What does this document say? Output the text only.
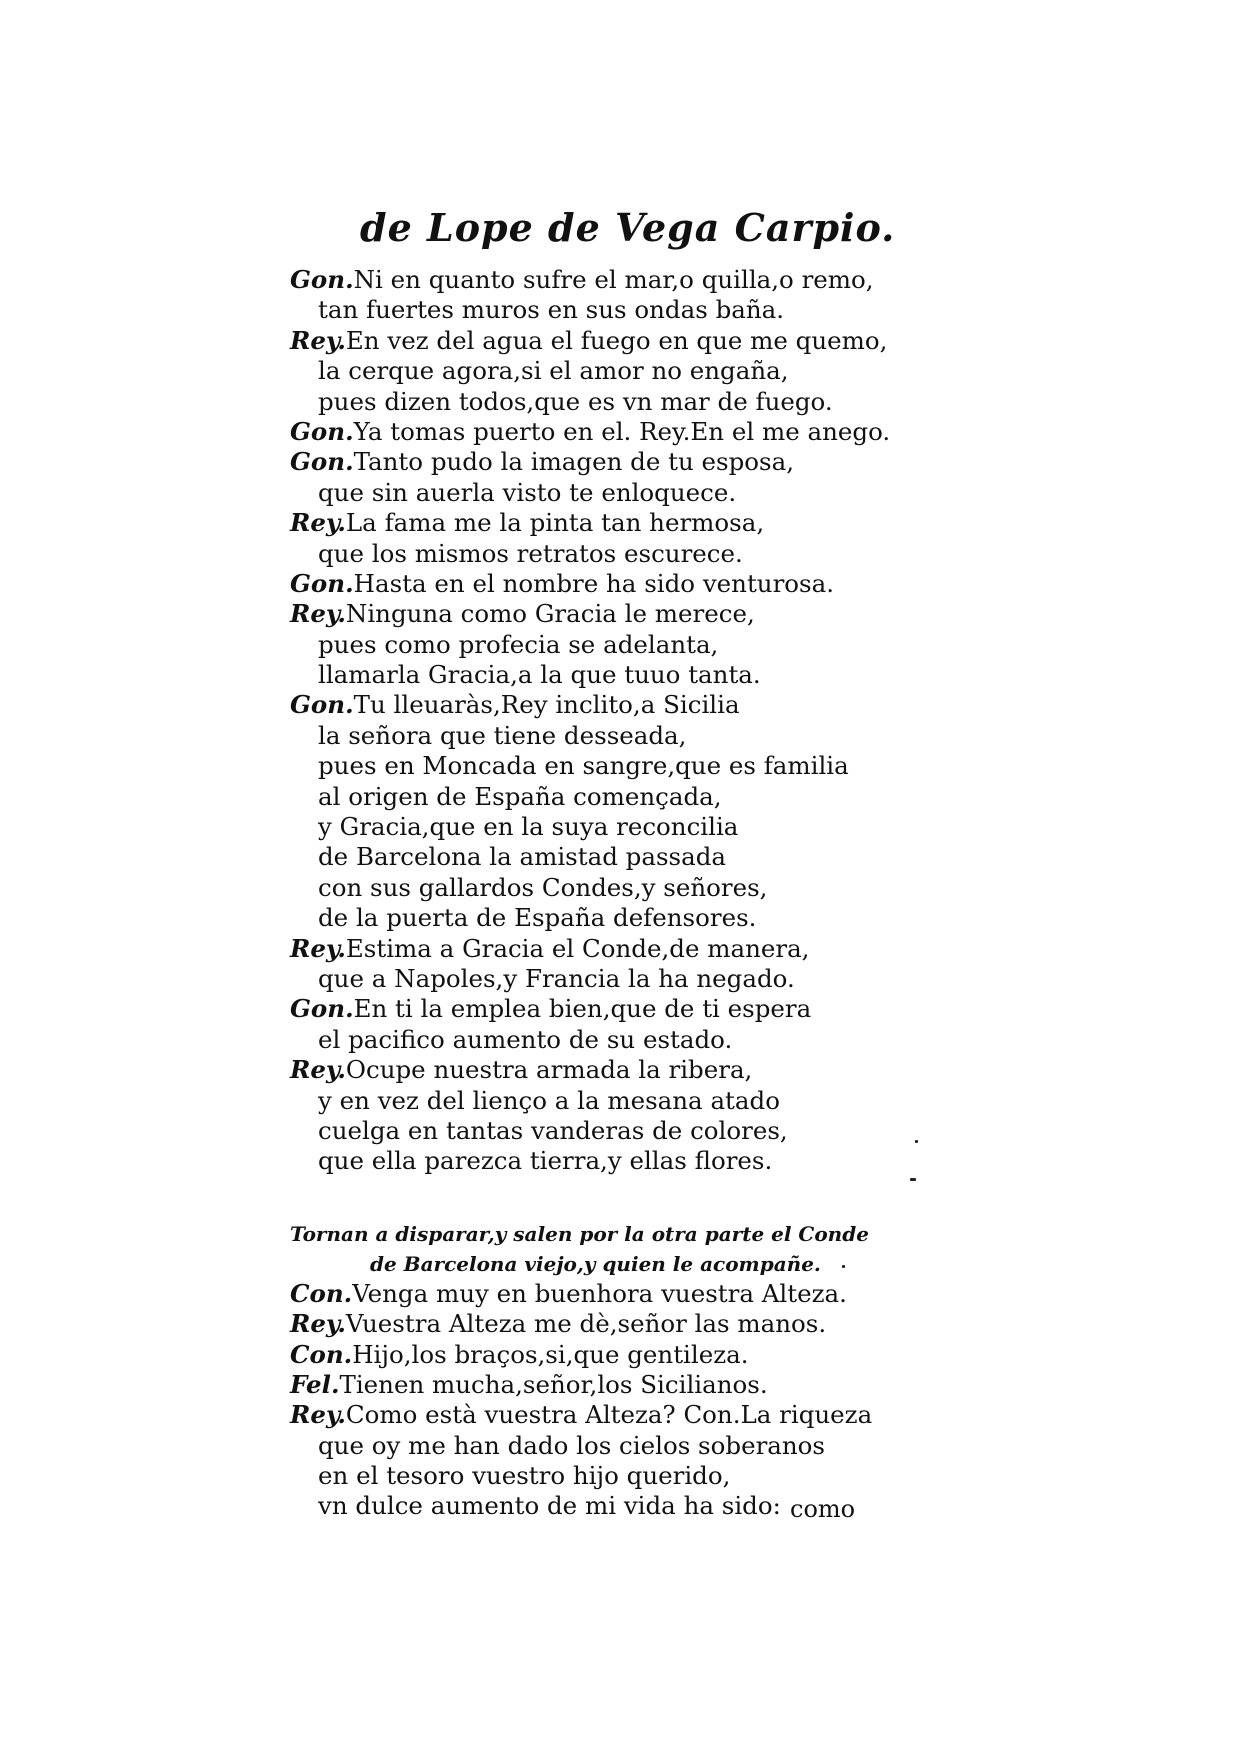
de Lope de Vega Carpio.
Gon.Ni en quanto sufre el mar,o quilla,o remo,
tan fuertes muros en sus ondas baña.
Rey.En vez del agua el fuego en que me quemo,
la cerque agora,si el amor no engaña,
pues dizen todos,que es vn mar de fuego.
Gon.Ya tomas puerto en el. Rey.En el me anego.
Gon.Tanto pudo la imagen de tu esposa,
que sin auerla visto te enloquece.
Rey.La fama me la pinta tan hermosa,
que los mismos retratos escurece.
Gon.Hasta en el nombre ha sido venturosa.
Rey.Ninguna como Gracia le merece,
pues como profecia se adelanta,
llamarla Gracia,a la que tuuo tanta.
Gon.Tu lleuaràs,Rey inclito,a Sicilia
la señora que tiene desseada,
pues en Moncada en sangre,que es familia
al origen de España començada,
y Gracia,que en la suya reconcilia
de Barcelona la amistad passada
con sus gallardos Condes,y señores,
de la puerta de España defensores.
Rey.Estima a Gracia el Conde,de manera,
que a Napoles,y Francia la ha negado.
Gon.En ti la emplea bien,que de ti espera
el pacifico aumento de su estado.
Rey.Ocupe nuestra armada la ribera,
y en vez del lienço a la mesana atado
cuelga en tantas vanderas de colores,
que ella parezca tierra,y ellas flores.
Tornan a disparar,y salen por la otra parte el Conde
de Barcelona viejo,y quien le acompañe.
Con.Venga muy en buenhora vuestra Alteza.
Rey.Vuestra Alteza me dè,señor las manos.
Con.Hijo,los braços,si,que gentileza.
Fel.Tienen mucha,señor,los Sicilianos.
Rey.Como està vuestra Alteza? Con.La riqueza
que oy me han dado los cielos soberanos
en el tesoro vuestro hijo querido,
vn dulce aumento de mi vida ha sido: como
